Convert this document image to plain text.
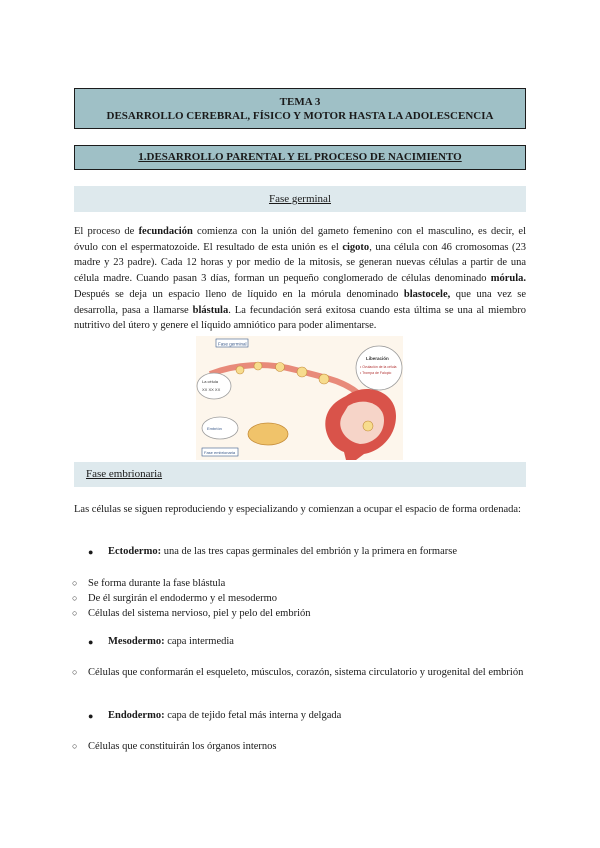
TEMA 3
DESARROLLO CEREBRAL, FÍSICO Y MOTOR HASTA LA ADOLESCENCIA
1.DESARROLLO PARENTAL Y EL PROCESO DE NACIMIENTO
Fase germinal

El proceso de fecundación comienza con la unión del gameto femenino con el masculino, es decir, el óvulo con el espermatozoide. El resultado de esta unión es el cigoto, una célula con 46 cromosomas (23 madre y 23 padre). Cada 12 horas y por medio de la mitosis, se generan nuevas células a partir de una célula madre. Cuando pasan 3 días, forman un pequeño conglomerado de células denominado mórula. Después se deja un espacio lleno de líquido en la mórula denominado blastocele, que una vez se desarrolla, pasa a llamarse blástula. La fecundación será exitosa cuando esta última se una al miembro nutritivo del útero y genere el líquido amniótico para poder alimentarse.

Fase germinal
Liberación
• Ovulación de la célula
• Trompa de Falopio
La célula
XX XX XX
Embrión
Fase embrionaria
Fase embrionaria

Las células se siguen reproduciendo y especializando y comienzan a ocupar el espacio de forma ordenada:

● Ectodermo: una de las tres capas germinales del embrión y la primera en formarse
○ Se forma durante la fase blástula
○ De él surgirán el endodermo y el mesodermo
○ Células del sistema nervioso, piel y pelo del embrión
● Mesodermo: capa intermedia
○ Células que conformarán el esqueleto, músculos, corazón, sistema circulatorio y urogenital del embrión
● Endodermo: capa de tejido fetal más interna y delgada
○ Células que constituirán los órganos internos
